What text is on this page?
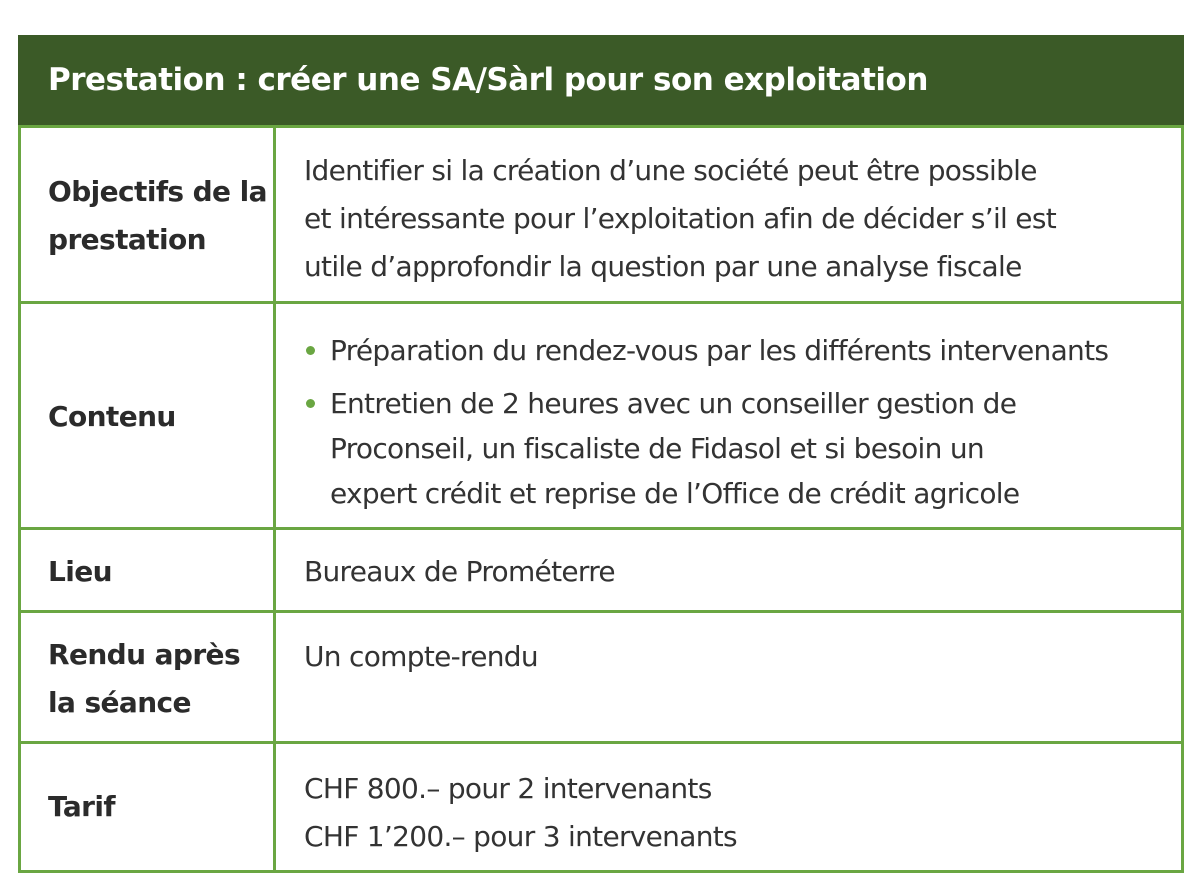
Prestation : créer une SA/Sàrl pour son exploitation
Objectifs de la prestation
Identifier si la création d’une société peut être possible
et intéressante pour l’exploitation afin de décider s’il est
utile d’approfondir la question par une analyse fiscale
Contenu
Préparation du rendez-vous par les différents intervenants
Entretien de 2 heures avec un conseiller gestion de
Proconseil, un fiscaliste de Fidasol et si besoin un
expert crédit et reprise de l’Office de crédit agricole
Lieu	Bureaux de Prométerre
Rendu après la séance
Un compte-rendu
Tarif
CHF 800.– pour 2 intervenants
CHF 1’200.– pour 3 intervenants
